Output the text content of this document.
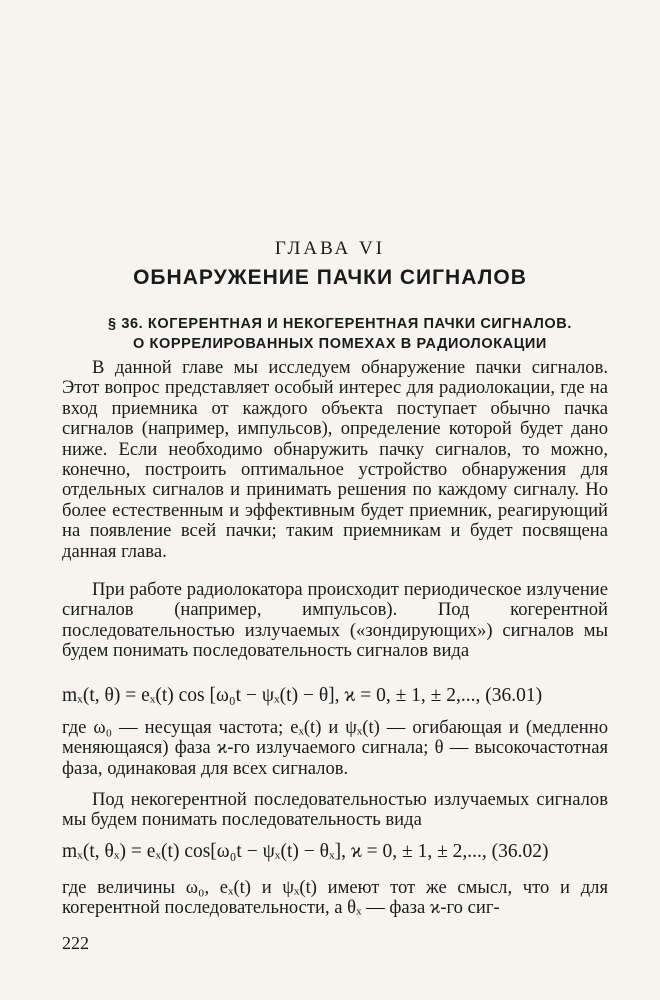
ГЛАВА VI
ОБНАРУЖЕНИЕ ПАЧКИ СИГНАЛОВ
§ 36. КОГЕРЕНТНАЯ И НЕКОГЕРЕНТНАЯ ПАЧКИ СИГНАЛОВ.
О КОРРЕЛИРОВАННЫХ ПОМЕХАХ В РАДИОЛОКАЦИИ

В данной главе мы исследуем обнаружение пачки сигналов. Этот вопрос представляет особый интерес для радиолокации, где на вход приемника от каждого объекта поступает обычно пачка сигналов (например, импульсов), определение которой будет дано ниже. Если необходимо обнаружить пачку сигналов, то можно, конечно, построить оптимальное устройство обнаружения для отдельных сигналов и принимать решения по каждому сигналу. Но более естественным и эффективным будет приемник, реагирующий на появление всей пачки; таким приемникам и будет посвящена данная глава.

При работе радиолокатора происходит периодическое излучение сигналов (например, импульсов). Под когерентной последовательностью излучаемых («зондирующих») сигналов мы будем понимать последовательность сигналов вида

mₓ(t, θ) = eₓ(t) cos [ω₀t − ψₓ(t) − θ], ϰ = 0, ± 1, ± 2,..., (36.01)

где ω₀ — несущая частота; eₓ(t) и ψₓ(t) — огибающая и (медленно меняющаяся) фаза ϰ-го излучаемого сигнала; θ — высокочастотная фаза, одинаковая для всех сигналов.

Под некогерентной последовательностью излучаемых сигналов мы будем понимать последовательность вида

mₓ(t, θₓ) = eₓ(t) cos[ω₀t − ψₓ(t) − θₓ], ϰ = 0, ± 1, ± 2,..., (36.02)

где величины ω₀, eₓ(t) и ψₓ(t) имеют тот же смысл, что и для когерентной последовательности, а θₓ — фаза ϰ-го сиг-

222
